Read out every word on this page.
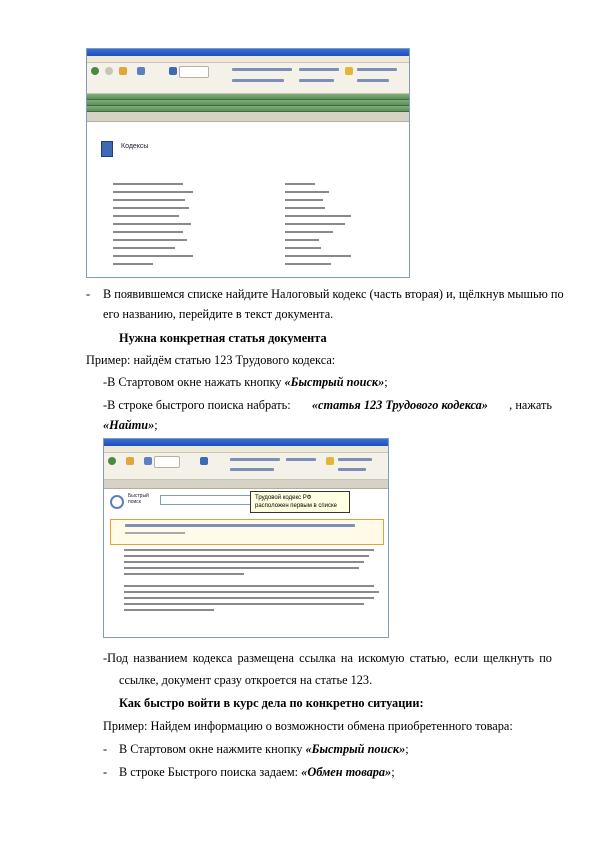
Кодексы
- В появившемся списке найдите Налоговый кодекс (часть вторая) и, щёлкнув мышью по
его названию, перейдите в текст документа.
Нужна конкретная статья документа
Пример: найдём статью 123 Трудового кодекса:
-В Стартовом окне нажать кнопку «Быстрый поиск»;
-В строке быстрого поиска набрать: «статья 123 Трудового кодекса» , нажать
«Найти»;
Быстрый поиск
Трудовой кодекс РФ
расположен первым в списке
-Под названием кодекса размещена ссылка на искомую статью, если щелкнуть по
ссылке, документ сразу откроется на статье 123.
Как быстро войти в курс дела по конкретно ситуации:
Пример: Найдем информацию о возможности обмена приобретенного товара:
- В Стартовом окне нажмите кнопку «Быстрый поиск»;
- В строке Быстрого поиска задаем: «Обмен товара»;
